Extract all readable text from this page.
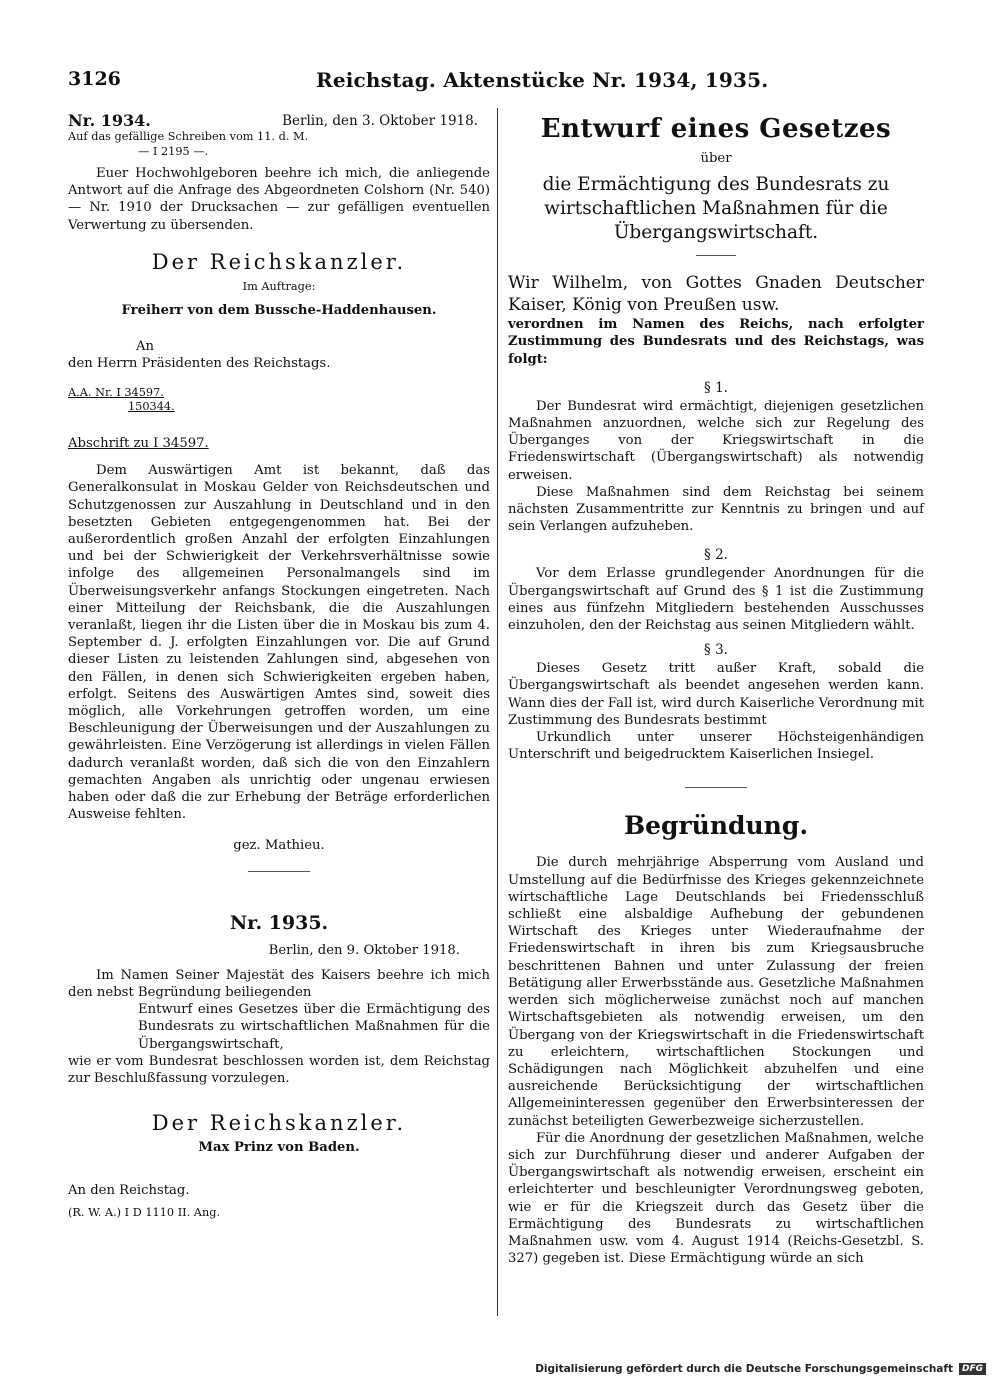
3126	Reichstag. Aktenstücke Nr. 1934, 1935.
Nr. 1934.	Berlin, den 3. Oktober 1918.
Auf das gefällige Schreiben vom 11. d. M.
— I 2195 —.
Euer Hochwohlgeboren beehre ich mich, die anliegende Antwort auf die Anfrage des Abgeordneten Colshorn (Nr. 540) — Nr. 1910 der Drucksachen — zur gefälligen eventuellen Verwertung zu übersenden.
Der Reichskanzler.
Im Auftrage:
Freiherr von dem Bussche-Haddenhausen.
An
den Herrn Präsidenten des Reichstags.
A.A. Nr. I 34597.
150344.
Abschrift zu I 34597.
Dem Auswärtigen Amt ist bekannt, daß das Generalkonsulat in Moskau Gelder von Reichsdeutschen und Schutzgenossen zur Auszahlung in Deutschland und in den besetzten Gebieten entgegengenommen hat. Bei der außerordentlich großen Anzahl der erfolgten Einzahlungen und bei der Schwierigkeit der Verkehrsverhältnisse sowie infolge des allgemeinen Personalmangels sind im Überweisungsverkehr anfangs Stockungen eingetreten. Nach einer Mitteilung der Reichsbank, die die Auszahlungen veranlaßt, liegen ihr die Listen über die in Moskau bis zum 4. September d. J. erfolgten Einzahlungen vor. Die auf Grund dieser Listen zu leistenden Zahlungen sind, abgesehen von den Fällen, in denen sich Schwierigkeiten ergeben haben, erfolgt. Seitens des Auswärtigen Amtes sind, soweit dies möglich, alle Vorkehrungen getroffen worden, um eine Beschleunigung der Überweisungen und der Auszahlungen zu gewährleisten. Eine Verzögerung ist allerdings in vielen Fällen dadurch veranlaßt worden, daß sich die von den Einzahlern gemachten Angaben als unrichtig oder ungenau erwiesen haben oder daß die zur Erhebung der Beträge erforderlichen Ausweise fehlten.
gez. Mathieu.
Nr. 1935.
Berlin, den 9. Oktober 1918.
Im Namen Seiner Majestät des Kaisers beehre ich mich den nebst Begründung beiliegenden
Entwurf eines Gesetzes über die Ermächtigung des Bundesrats zu wirtschaftlichen Maßnahmen für die Übergangswirtschaft,
wie er vom Bundesrat beschlossen worden ist, dem Reichstag zur Beschlußfassung vorzulegen.
Der Reichskanzler.
Max Prinz von Baden.
An den Reichstag.
(R. W. A.) I D 1110 II. Ang.
Entwurf eines Gesetzes
über
die Ermächtigung des Bundesrats zu wirtschaftlichen Maßnahmen für die Übergangswirtschaft.
Wir Wilhelm, von Gottes Gnaden Deutscher Kaiser, König von Preußen usw.
verordnen im Namen des Reichs, nach erfolgter Zustimmung des Bundesrats und des Reichstags, was folgt:
§ 1.
Der Bundesrat wird ermächtigt, diejenigen gesetzlichen Maßnahmen anzuordnen, welche sich zur Regelung des Überganges von der Kriegswirtschaft in die Friedenswirtschaft (Übergangswirtschaft) als notwendig erweisen.
Diese Maßnahmen sind dem Reichstag bei seinem nächsten Zusammentritte zur Kenntnis zu bringen und auf sein Verlangen aufzuheben.
§ 2.
Vor dem Erlasse grundlegender Anordnungen für die Übergangswirtschaft auf Grund des § 1 ist die Zustimmung eines aus fünfzehn Mitgliedern bestehenden Ausschusses einzuholen, den der Reichstag aus seinen Mitgliedern wählt.
§ 3.
Dieses Gesetz tritt außer Kraft, sobald die Übergangswirtschaft als beendet angesehen werden kann. Wann dies der Fall ist, wird durch Kaiserliche Verordnung mit Zustimmung des Bundesrats bestimmt
Urkundlich unter unserer Höchsteigenhändigen Unterschrift und beigedrucktem Kaiserlichen Insiegel.
Begründung.
Die durch mehrjährige Absperrung vom Ausland und Umstellung auf die Bedürfnisse des Krieges gekennzeichnete wirtschaftliche Lage Deutschlands bei Friedensschluß schließt eine alsbaldige Aufhebung der gebundenen Wirtschaft des Krieges unter Wiederaufnahme der Friedenswirtschaft in ihren bis zum Kriegsausbruche beschrittenen Bahnen und unter Zulassung der freien Betätigung aller Erwerbsstände aus. Gesetzliche Maßnahmen werden sich möglicherweise zunächst noch auf manchen Wirtschaftsgebieten als notwendig erweisen, um den Übergang von der Kriegswirtschaft in die Friedenswirtschaft zu erleichtern, wirtschaftlichen Stockungen und Schädigungen nach Möglichkeit abzuhelfen und eine ausreichende Berücksichtigung der wirtschaftlichen Allgemeininteressen gegenüber den Erwerbsinteressen der zunächst beteiligten Gewerbezweige sicherzustellen.
Für die Anordnung der gesetzlichen Maßnahmen, welche sich zur Durchführung dieser und anderer Aufgaben der Übergangswirtschaft als notwendig erweisen, erscheint ein erleichterter und beschleunigter Verordnungsweg geboten, wie er für die Kriegszeit durch das Gesetz über die Ermächtigung des Bundesrats zu wirtschaftlichen Maßnahmen usw. vom 4. August 1914 (Reichs-Gesetzbl. S. 327) gegeben ist. Diese Ermächtigung würde an sich
Digitalisierung gefördert durch die Deutsche Forschungsgemeinschaft	DFG
